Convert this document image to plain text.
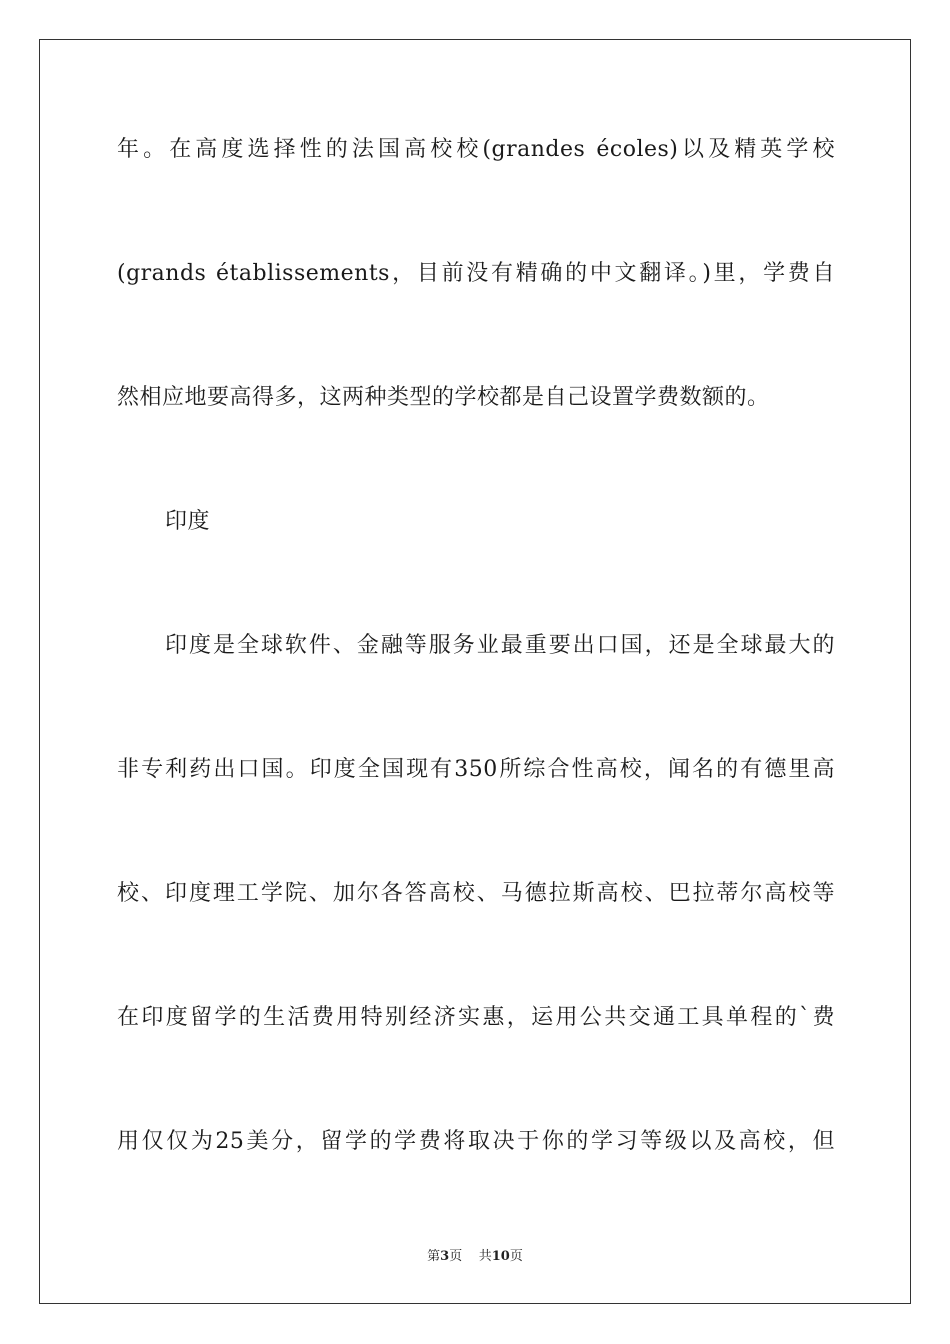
年。在高度选择性的法国高校校(grandes écoles)以及精英学校
(grands établissements，目前没有精确的中文翻译。)里，学费自
然相应地要高得多，这两种类型的学校都是自己设置学费数额的。
印度
印度是全球软件、金融等服务业最重要出口国，还是全球最大的
非专利药出口国。印度全国现有350所综合性高校，闻名的有德里高
校、印度理工学院、加尔各答高校、马德拉斯高校、巴拉蒂尔高校等
在印度留学的生活费用特别经济实惠，运用公共交通工具单程的`费
用仅仅为25美分，留学的学费将取决于你的学习等级以及高校，但
第3页 共10页
